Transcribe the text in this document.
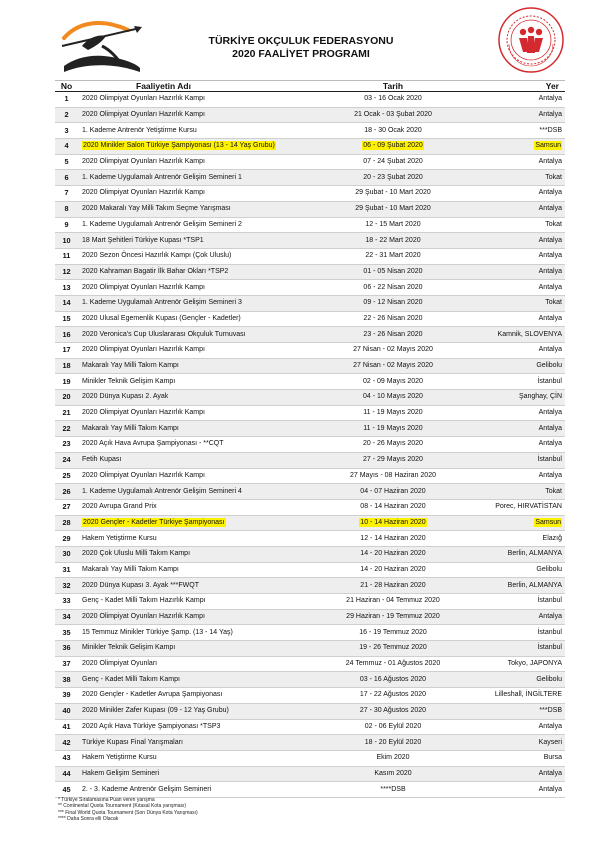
TÜRKİYE OKÇULUK FEDERASYONU
2020 FAALİYET PROGRAMI
No	Faaliyetin Adı	Tarih	Yer
1	2020 Olimpiyat Oyunları Hazırlık Kampı	03 - 16 Ocak 2020	Antalya
2	2020 Olimpiyat Oyunları Hazırlık Kampı	21 Ocak - 03 Şubat 2020	Antalya
3	1. Kademe Antrenör Yetiştirme Kursu	18 - 30 Ocak 2020	***DSB
4	2020 Minikler Salon Türkiye Şampiyonası (13 - 14 Yaş Grubu)	06 - 09 Şubat 2020	Samsun
5	2020 Olimpiyat Oyunları Hazırlık Kampı	07 - 24 Şubat 2020	Antalya
6	1. Kademe Uygulamalı Antrenör Gelişim Semineri 1	20 - 23 Şubat 2020	Tokat
7	2020 Olimpiyat Oyunları Hazırlık Kampı	29 Şubat - 10 Mart 2020	Antalya
8	2020 Makaralı Yay Milli Takım Seçme Yarışması	29 Şubat - 10 Mart 2020	Antalya
9	1. Kademe Uygulamalı Antrenör Gelişim Semineri 2	12 - 15 Mart 2020	Tokat
10	18 Mart Şehitleri Türkiye Kupası *TSP1	18 - 22 Mart 2020	Antalya
11	2020 Sezon Öncesi Hazırlık Kampı (Çok Uluslu)	22 - 31 Mart 2020	Antalya
12	2020 Kahraman Bagatir İlk Bahar Okları *TSP2	01 - 05 Nisan 2020	Antalya
13	2020 Olimpiyat Oyunları Hazırlık Kampı	06 - 22 Nisan 2020	Antalya
14	1. Kademe Uygulamalı Antrenör Gelişim Semineri 3	09 - 12 Nisan 2020	Tokat
15	2020 Ulusal Egemenlik Kupası (Gençler - Kadetler)	22 - 26 Nisan 2020	Antalya
16	2020 Veronica's Cup Uluslararası Okçuluk Turnuvası	23 - 26 Nisan 2020	Kamnik, SLOVENYA
17	2020 Olimpiyat Oyunları Hazırlık Kampı	27 Nisan - 02 Mayıs 2020	Antalya
18	Makaralı Yay Milli Takım Kampı	27 Nisan - 02 Mayıs 2020	Gelibolu
19	Minikler Teknik Gelişim Kampı	02 - 09 Mayıs 2020	İstanbul
20	2020 Dünya Kupası 2. Ayak	04 - 10 Mayıs 2020	Şanghay, ÇİN
21	2020 Olimpiyat Oyunları Hazırlık Kampı	11 - 19 Mayıs 2020	Antalya
22	Makaralı Yay Milli Takım Kampı	11 - 19 Mayıs 2020	Antalya
23	2020 Açık Hava Avrupa Şampiyonası - **CQT	20 - 26 Mayıs 2020	Antalya
24	Fetih Kupası	27 - 29 Mayıs 2020	İstanbul
25	2020 Olimpiyat Oyunları Hazırlık Kampı	27 Mayıs - 08 Haziran 2020	Antalya
26	1. Kademe Uygulamalı Antrenör Gelişim Semineri 4	04 - 07 Haziran 2020	Tokat
27	2020 Avrupa Grand Prix	08 - 14 Haziran 2020	Porec, HIRVATİSTAN
28	2020 Gençler - Kadetler Türkiye Şampiyonası	10 - 14 Haziran 2020	Samsun
29	Hakem Yetiştirme Kursu	12 - 14 Haziran 2020	Elazığ
30	2020 Çok Uluslu Milli Takım Kampı	14 - 20 Haziran 2020	Berlin, ALMANYA
31	Makaralı Yay Milli Takım Kampı	14 - 20 Haziran 2020	Gelibolu
32	2020 Dünya Kupası 3. Ayak ***FWQT	21 - 28 Haziran 2020	Berlin, ALMANYA
33	Genç - Kadet Milli Takım Hazırlık Kampı	21 Haziran - 04 Temmuz 2020	İstanbul
34	2020 Olimpiyat Oyunları Hazırlık Kampı	29 Haziran - 19 Temmuz 2020	Antalya
35	15 Temmuz Minikler Türkiye Şamp. (13 - 14 Yaş)	16 - 19 Temmuz 2020	İstanbul
36	Minikler Teknik Gelişim Kampı	19 - 26 Temmuz 2020	İstanbul
37	2020 Olimpiyat Oyunları	24 Temmuz - 01 Ağustos 2020	Tokyo, JAPONYA
38	Genç - Kadet Milli Takım Kampı	03 - 16 Ağustos 2020	Gelibolu
39	2020 Gençler - Kadetler Avrupa Şampiyonası	17 - 22 Ağustos 2020	Lilleshall, İNGİLTERE
40	2020 Minikler Zafer Kupası (09 - 12 Yaş Grubu)	27 - 30 Ağustos 2020	***DSB
41	2020 Açık Hava Türkiye Şampiyonası *TSP3	02 - 06 Eylül 2020	Antalya
42	Türkiye Kupası Final Yarışmaları	18 - 20 Eylül 2020	Kayseri
43	Hakem Yetiştirme Kursu	Ekim 2020	Bursa
44	Hakem Gelişim Semineri	Kasım 2020	Antalya
45	2. - 3. Kademe Antrenör Gelişim Semineri	****DSB	Antalya
* Türkiye Sıralamasına Puan veren yarışma
** Continental Quota Tournament (Kıtasal Kota yarışması)
*** Final World Quota Tournament (Son Dünya Kota Yarışması)
**** Daha Sonra elli Olacak
